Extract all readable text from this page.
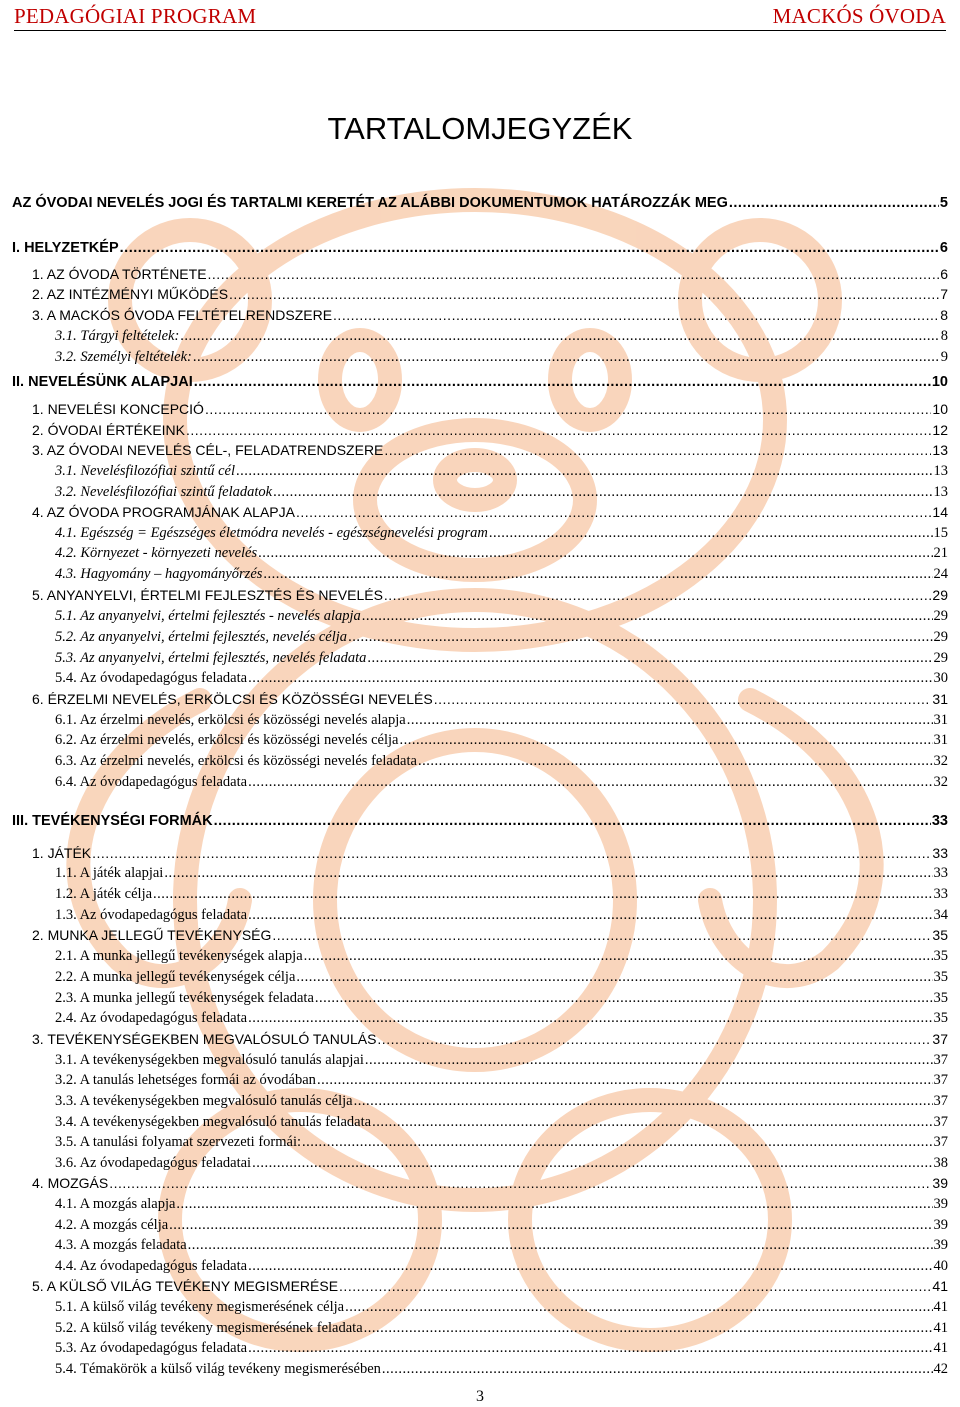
PEDAGÓGIAI PROGRAM	MACKÓS ÓVODA
TARTALOMJEGYZÉK
AZ ÓVODAI NEVELÉS JOGI ÉS TARTALMI KERETÉT AZ ALÁBBI DOKUMENTUMOK HATÁROZZÁK MEG .....	5
I. HELYZETKÉP .....	6
1. AZ ÓVODA TÖRTÉNETE .....	6
2. AZ INTÉZMÉNYI MŰKÖDÉS .....	7
3. A MACKÓS ÓVODA FELTÉTELRENDSZERE .....	8
3.1. Tárgyi feltételek: .....	8
3.2. Személyi feltételek: .....	9
II. NEVELÉSÜNK ALAPJAI .....	10
1. NEVELÉSI KONCEPCIÓ .....	10
2. ÓVODAI ÉRTÉKEINK .....	12
3. AZ ÓVODAI NEVELÉS CÉL-, FELADATRENDSZERE .....	13
3.1. Nevelésfilozófiai szintű cél .....	13
3.2. Nevelésfilozófiai szintű feladatok .....	13
4. AZ ÓVODA PROGRAMJÁNAK ALAPJA .....	14
4.1. Egészség = Egészséges életmódra nevelés - egészségnevelési program .....	15
4.2. Környezet - környezeti nevelés .....	21
4.3. Hagyomány – hagyományőrzés .....	24
5. ANYANYELVI, ÉRTELMI FEJLESZTÉS ÉS NEVELÉS .....	29
5.1. Az anyanyelvi, értelmi fejlesztés - nevelés alapja .....	29
5.2. Az anyanyelvi, értelmi fejlesztés, nevelés célja .....	29
5.3. Az anyanyelvi, értelmi fejlesztés, nevelés feladata .....	29
5.4. Az óvodapedagógus feladata .....	30
6. ÉRZELMI NEVELÉS, ERKÖLCSI ÉS KÖZÖSSÉGI NEVELÉS .....	31
6.1. Az érzelmi nevelés, erkölcsi és közösségi nevelés alapja .....	31
6.2. Az érzelmi nevelés, erkölcsi és közösségi nevelés célja .....	31
6.3. Az érzelmi nevelés, erkölcsi és közösségi nevelés feladata .....	32
6.4. Az óvodapedagógus feladata .....	32
III. TEVÉKENYSÉGI FORMÁK .....	33
1. JÁTÉK .....	33
1.1. A játék alapjai .....	33
1.2. A játék célja .....	33
1.3. Az óvodapedagógus feladata .....	34
2. MUNKA JELLEGŰ TEVÉKENYSÉG .....	35
2.1. A munka jellegű tevékenységek alapja .....	35
2.2. A munka jellegű tevékenységek célja .....	35
2.3. A munka jellegű tevékenységek feladata .....	35
2.4. Az óvodapedagógus feladata .....	35
3. TEVÉKENYSÉGEKBEN MEGVALÓSULÓ TANULÁS .....	37
3.1. A tevékenységekben megvalósuló tanulás alapjai .....	37
3.2. A tanulás lehetséges formái az óvodában .....	37
3.3. A tevékenységekben megvalósuló tanulás célja .....	37
3.4. A tevékenységekben megvalósuló tanulás feladata .....	37
3.5. A tanulási folyamat szervezeti formái: .....	37
3.6. Az óvodapedagógus feladatai .....	38
4. MOZGÁS .....	39
4.1. A mozgás alapja .....	39
4.2. A mozgás célja .....	39
4.3. A mozgás feladata .....	39
4.4. Az óvodapedagógus feladata .....	40
5. A KÜLSŐ VILÁG TEVÉKENY MEGISMERÉSE .....	41
5.1. A külső világ tevékeny megismerésének célja .....	41
5.2. A külső világ tevékeny megismerésének feladata .....	41
5.3. Az óvodapedagógus feladata .....	41
5.4. Témakörök a külső világ tevékeny megismerésében .....	42
3
